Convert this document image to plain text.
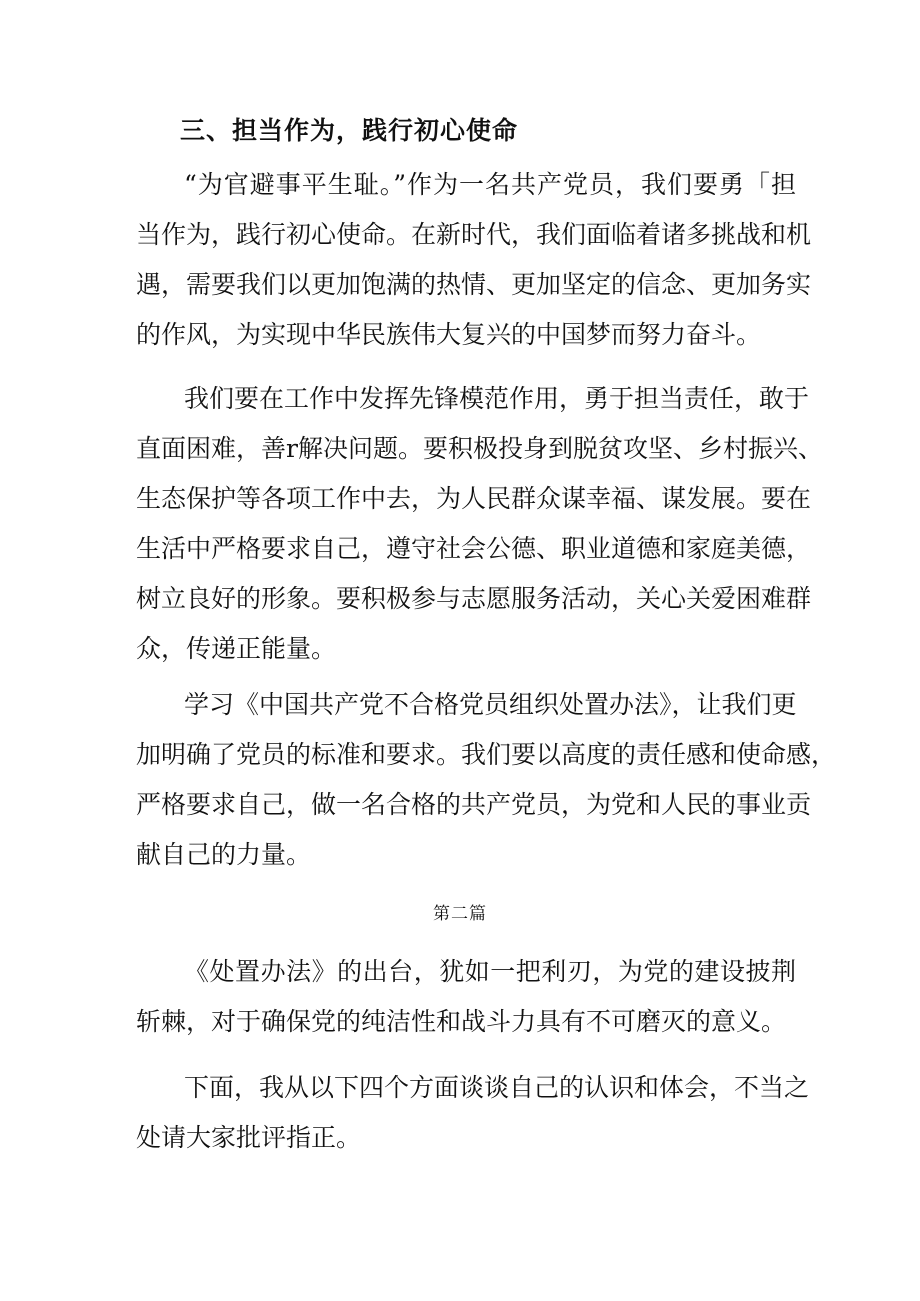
三、担当作为，践行初心使命
“为官避事平生耻。”作为一名共产党员，我们要勇「担
当作为，践行初心使命。在新时代，我们面临着诸多挑战和机
遇，需要我们以更加饱满的热情、更加坚定的信念、更加务实
的作风，为实现中华民族伟大复兴的中国梦而努力奋斗。
我们要在工作中发挥先锋模范作用，勇于担当责任，敢于
直面困难，善r解决问题。要积极投身到脱贫攻坚、乡村振兴、
生态保护等各项工作中去，为人民群众谋幸福、谋发展。要在
生活中严格要求自己，遵守社会公德、职业道德和家庭美德，
树立良好的形象。要积极参与志愿服务活动，关心关爱困难群
众，传递正能量。
学习《中国共产党不合格党员组织处置办法》，让我们更
加明确了党员的标准和要求。我们要以高度的责任感和使命感，
严格要求自己，做一名合格的共产党员，为党和人民的事业贡
献自己的力量。
第二篇
《处置办法》的出台，犹如一把利刃，为党的建设披荆
斩棘，对于确保党的纯洁性和战斗力具有不可磨灭的意义。
下面，我从以下四个方面谈谈自己的认识和体会，不当之
处请大家批评指正。
